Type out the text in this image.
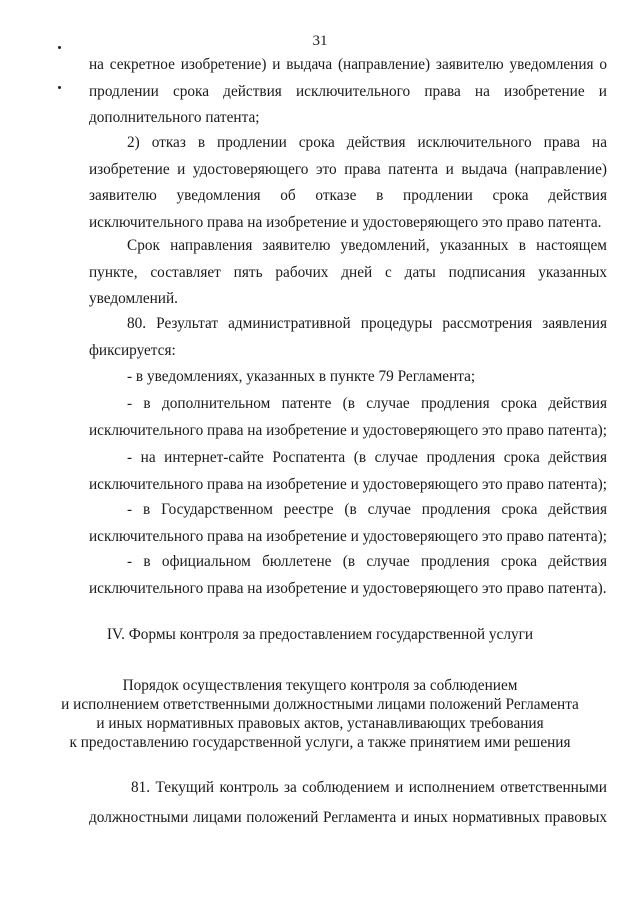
31
на секретное изобретение) и выдача (направление) заявителю уведомления о
продлении срока действия исключительного права на изобретение и
дополнительного патента;
2) отказ в продлении срока действия исключительного права на
изобретение и удостоверяющего это права патента и выдача (направление)
заявителю уведомления об отказе в продлении срока действия
исключительного права на изобретение и удостоверяющего это право патента.
Срок направления заявителю уведомлений, указанных в настоящем
пункте, составляет пять рабочих дней с даты подписания указанных
уведомлений.
80. Результат административной процедуры рассмотрения заявления
фиксируется:
- в уведомлениях, указанных в пункте 79 Регламента;
- в дополнительном патенте (в случае продления срока действия
исключительного права на изобретение и удостоверяющего это право патента);
- на интернет-сайте Роспатента (в случае продления срока действия
исключительного права на изобретение и удостоверяющего это право патента);
- в Государственном реестре (в случае продления срока действия
исключительного права на изобретение и удостоверяющего это право патента);
- в официальном бюллетене (в случае продления срока действия
исключительного права на изобретение и удостоверяющего это право патента).
IV. Формы контроля за предоставлением государственной услуги
Порядок осуществления текущего контроля за соблюдением
и исполнением ответственными должностными лицами положений Регламента
и иных нормативных правовых актов, устанавливающих требования
к предоставлению государственной услуги, а также принятием ими решения
81. Текущий контроль за соблюдением и исполнением ответственными
должностными лицами положений Регламента и иных нормативных правовых
